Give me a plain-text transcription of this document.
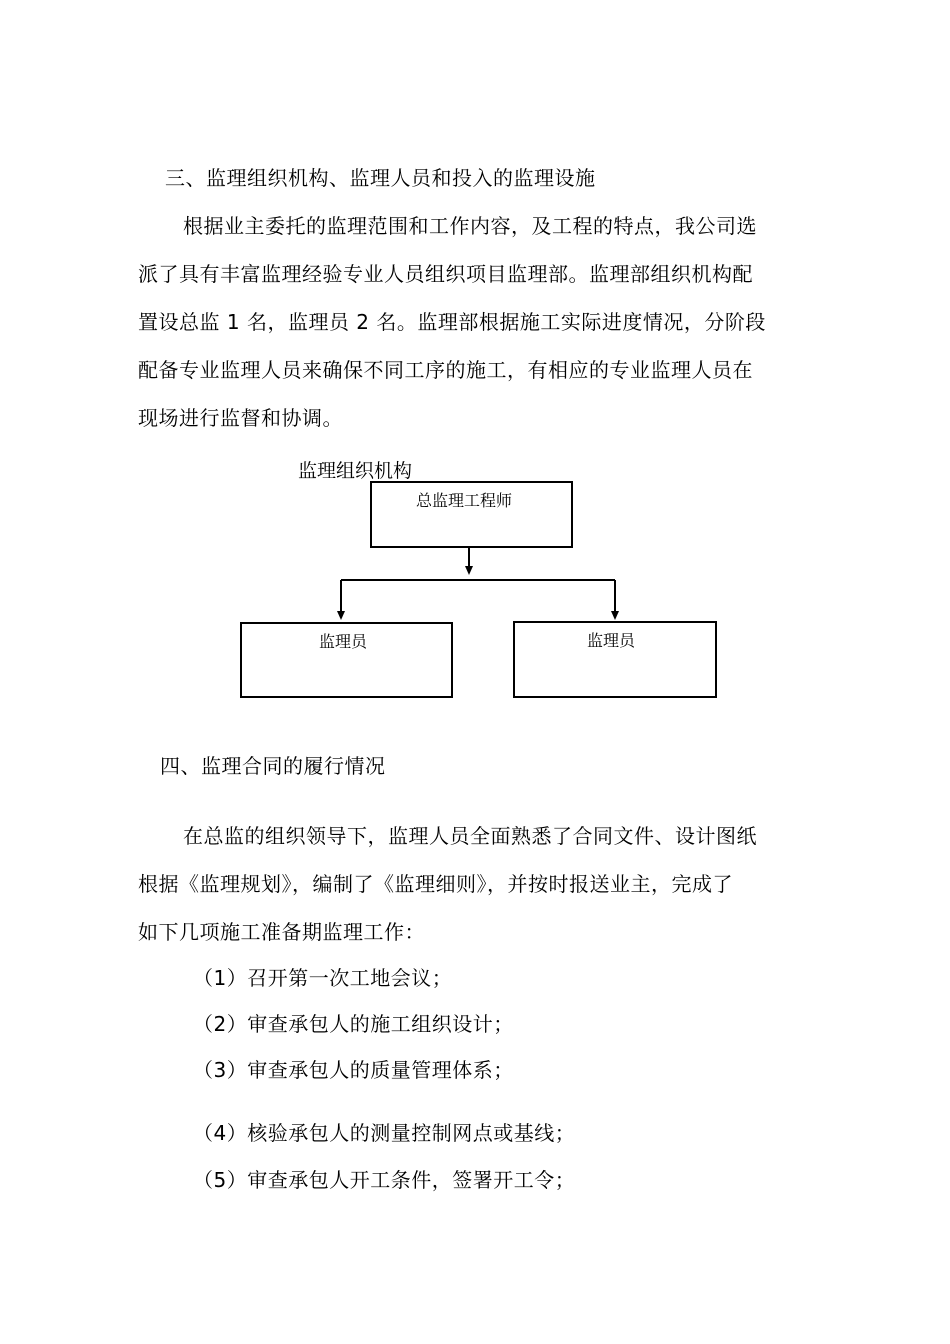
三、监理组织机构、监理人员和投入的监理设施
根据业主委托的监理范围和工作内容，及工程的特点，我公司选
派了具有丰富监理经验专业人员组织项目监理部。监理部组织机构配
置设总监 1 名，监理员 2 名。监理部根据施工实际进度情况，分阶段
配备专业监理人员来确保不同工序的施工，有相应的专业监理人员在
现场进行监督和协调。
监理组织机构
总监理工程师
监理员	监理员
四、监理合同的履行情况
在总监的组织领导下，监理人员全面熟悉了合同文件、设计图纸
根据《监理规划》，编制了《监理细则》，并按时报送业主，完成了
如下几项施工准备期监理工作：
（1）召开第一次工地会议；
（2）审查承包人的施工组织设计；
（3）审查承包人的质量管理体系；
（4）核验承包人的测量控制网点或基线；
（5）审查承包人开工条件，签署开工令；
